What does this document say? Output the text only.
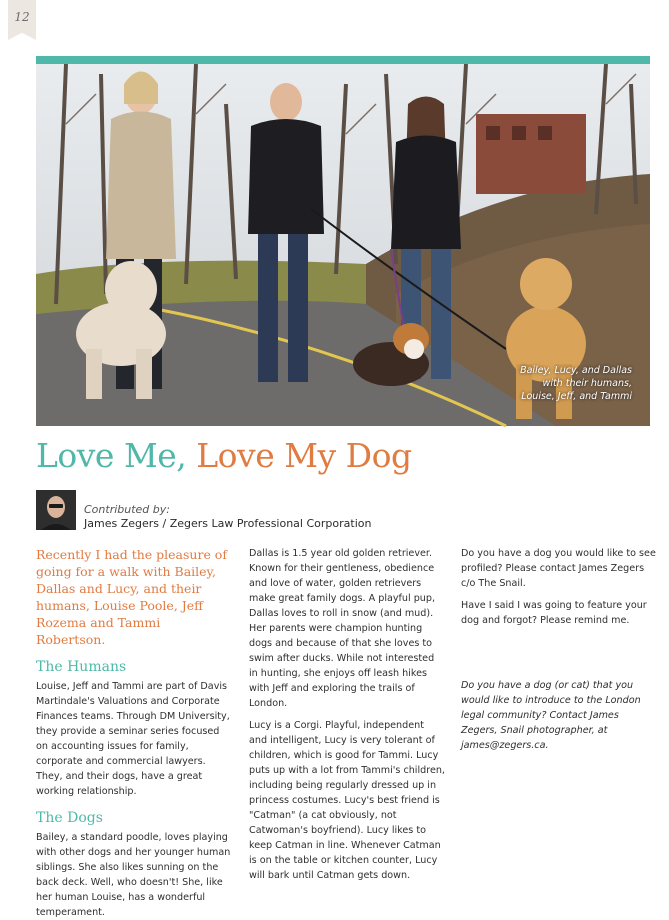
12
Bailey, Lucy, and Dallas
with their humans,
Louise, Jeff, and Tammi
Love Me, Love My Dog
Contributed by:
James Zegers / Zegers Law Professional Corporation

Recently I had the pleasure of going for a walk with Bailey, Dallas and Lucy, and their humans, Louise Poole, Jeff Rozema and Tammi Robertson.

The Humans

Louise, Jeff and Tammi are part of Davis Martindale's Valuations and Corporate Finances teams. Through DM University, they provide a seminar series focused on accounting issues for family, corporate and commercial lawyers. They, and their dogs, have a great working relationship.

The Dogs

Bailey, a standard poodle, loves playing with other dogs and her younger human siblings. She also likes sunning on the back deck. Well, who doesn't! She, like her human Louise, has a wonderful temperament.

Dallas is 1.5 year old golden retriever. Known for their gentleness, obedience and love of water, golden retrievers make great family dogs. A playful pup, Dallas loves to roll in snow (and mud). Her parents were champion hunting dogs and because of that she loves to swim after ducks. While not interested in hunting, she enjoys off leash hikes with Jeff and exploring the trails of London.

Lucy is a Corgi. Playful, independent and intelligent, Lucy is very tolerant of children, which is good for Tammi. Lucy puts up with a lot from Tammi's children, including being regularly dressed up in princess costumes. Lucy's best friend is "Catman" (a cat obviously, not Catwoman's boyfriend). Lucy likes to keep Catman in line. Whenever Catman is on the table or kitchen counter, Lucy will bark until Catman gets down.

Do you have a dog you would like to see profiled? Please contact James Zegers c/o The Snail.

Have I said I was going to feature your dog and forgot? Please remind me.

Do you have a dog (or cat) that you would like to introduce to the London legal community? Contact James Zegers, Snail photographer, at james@zegers.ca.
